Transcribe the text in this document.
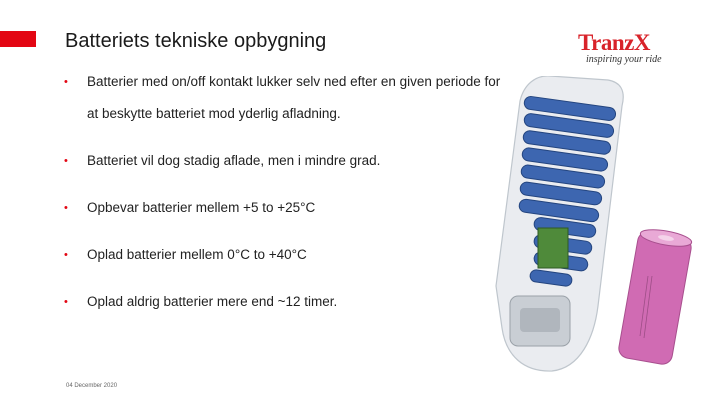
Batteriets tekniske opbygning	TranzX
inspiring your ride
• Batterier med on/off kontakt lukker selv ned efter en given periode for at beskytte batteriet mod yderlig afladning.
• Batteriet vil dog stadig aflade, men i mindre grad.
• Opbevar batterier mellem +5 to +25°C
• Oplad batterier mellem 0°C to +40°C
• Oplad aldrig batterier mere end ~12 timer.
04 December 2020
